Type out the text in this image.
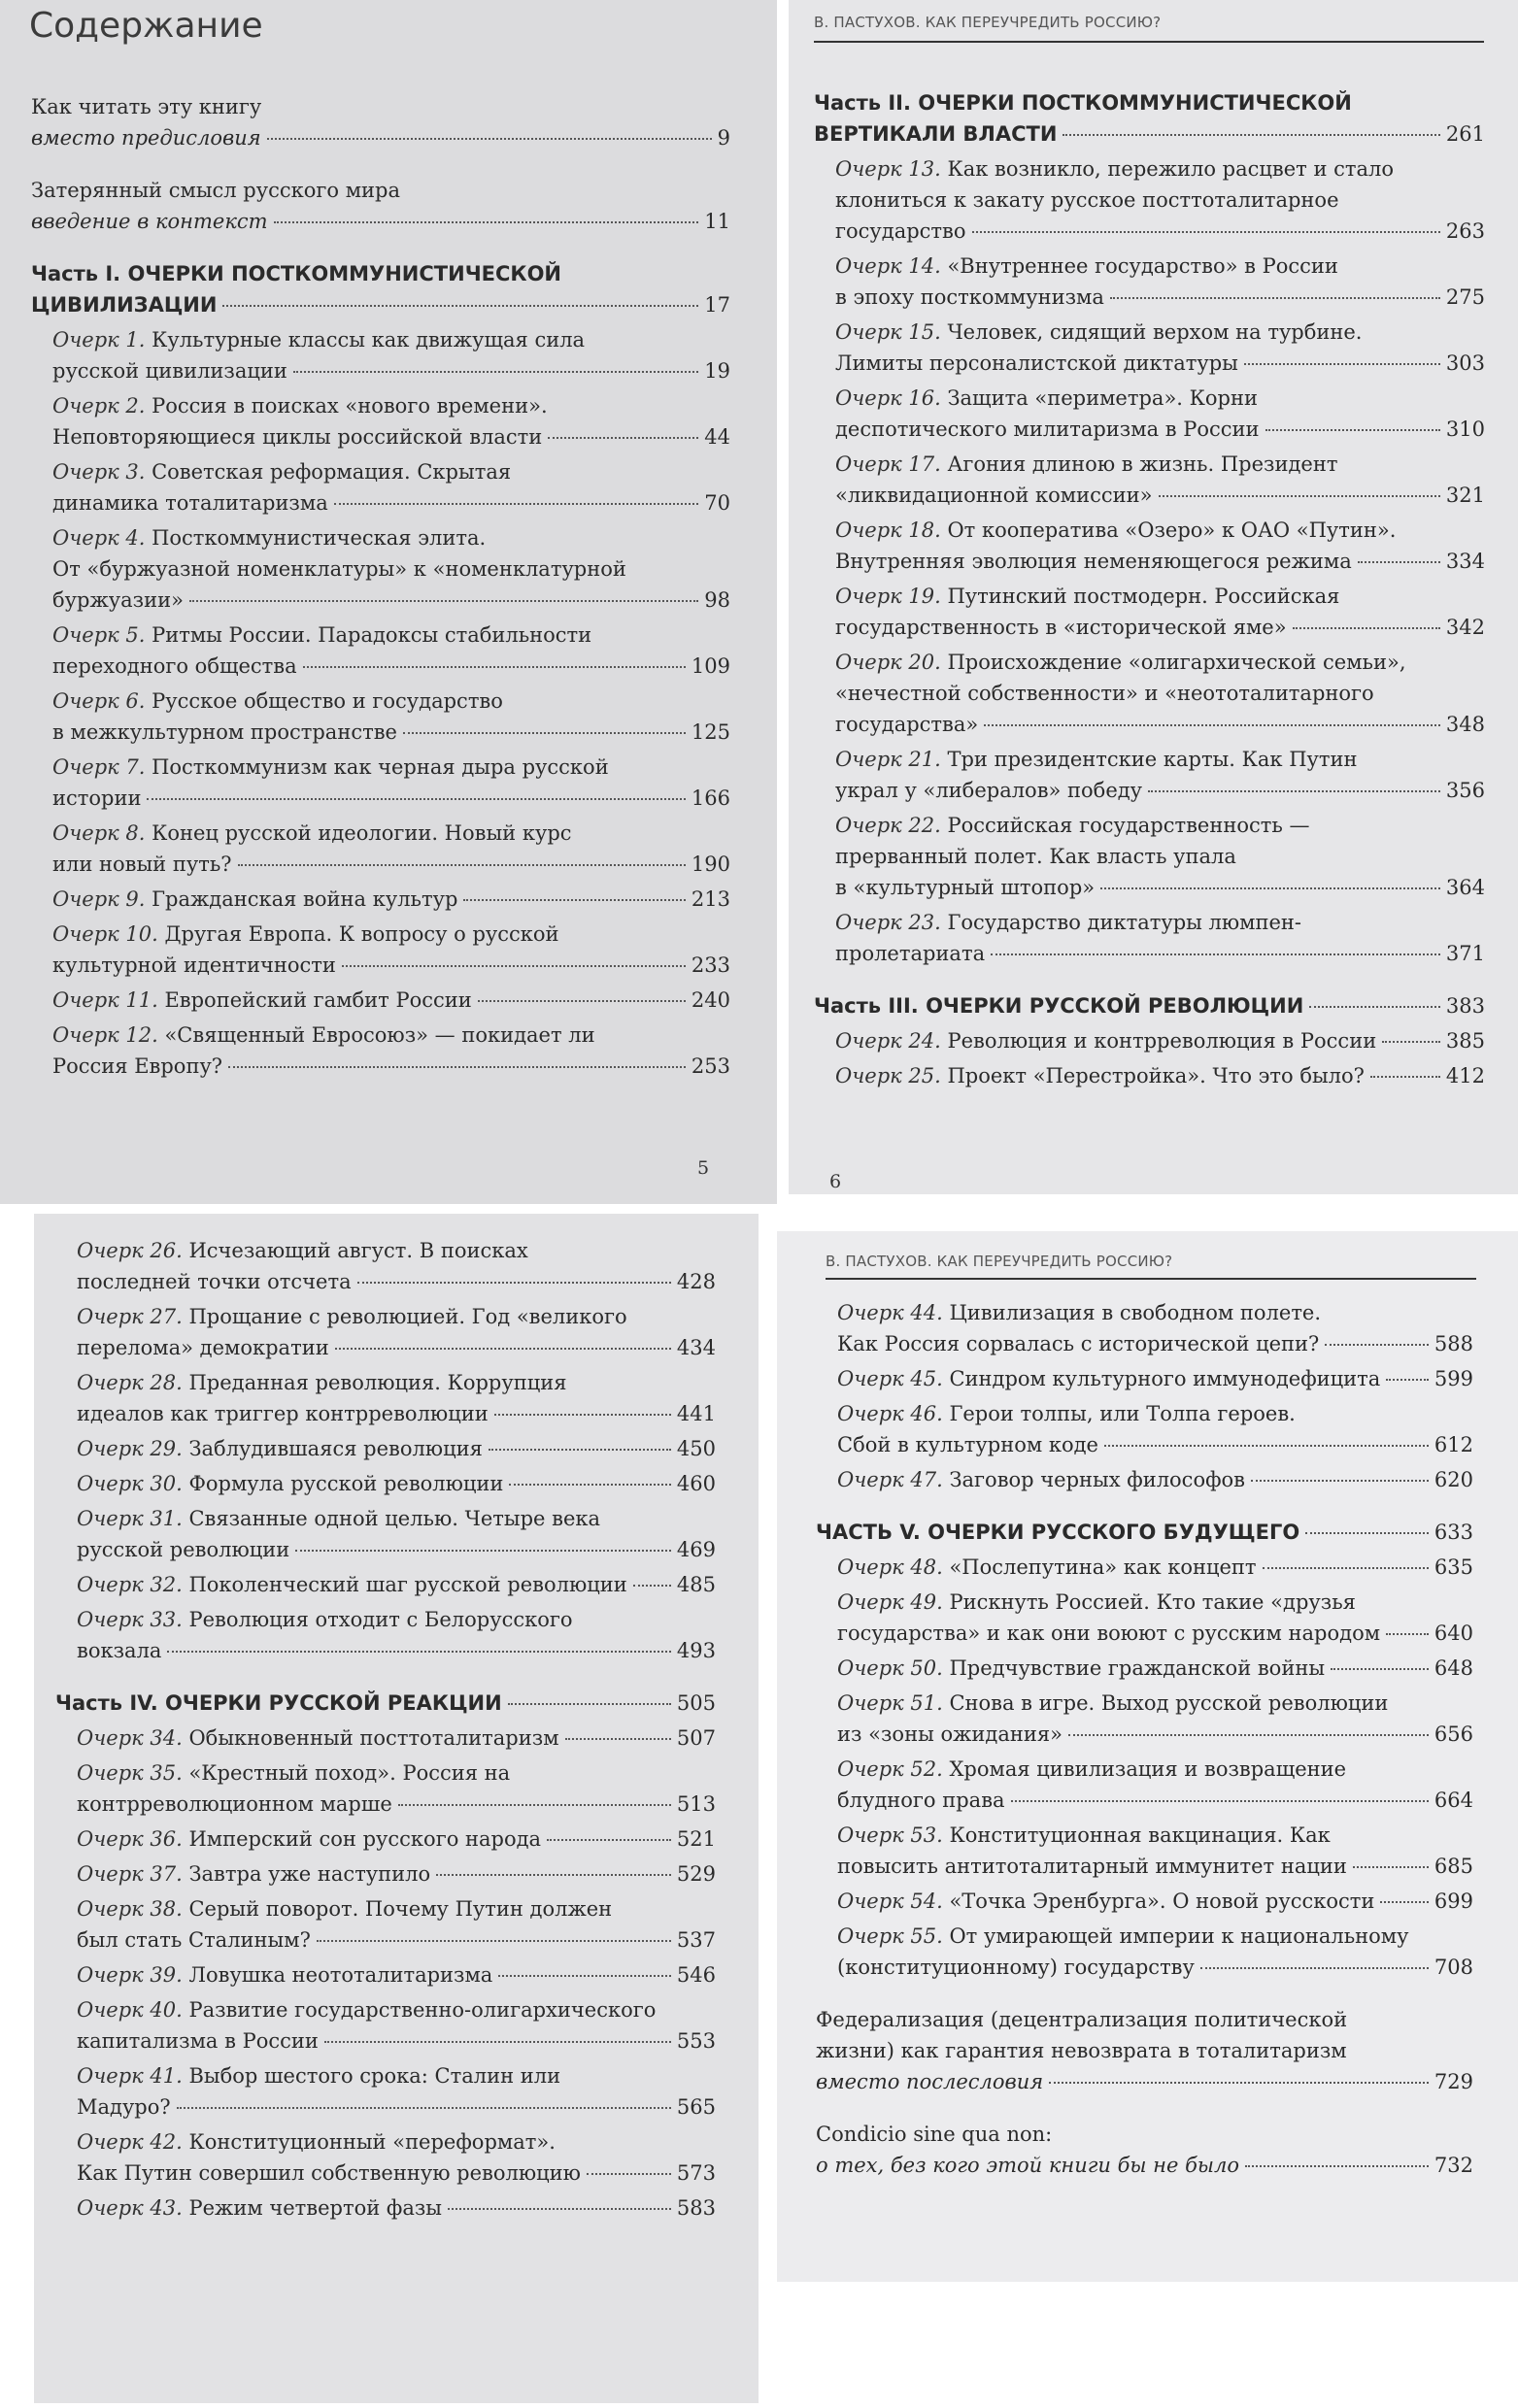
Содержание
Как читать эту книгу
вместо предисловия	9
Затерянный смысл русского мира
введение в контекст	11
Часть I. ОЧЕРКИ ПОСТКОММУНИСТИЧЕСКОЙ
ЦИВИЛИЗАЦИИ	17
Очерк 1. Культурные классы как движущая сила
русской цивилизации	19
Очерк 2. Россия в поисках «нового времени».
Неповторяющиеся циклы российской власти	44
Очерк 3. Советская реформация. Скрытая
динамика тоталитаризма	70
Очерк 4. Посткоммунистическая элита.
От «буржуазной номенклатуры» к «номенклатурной
буржуазии»	98
Очерк 5. Ритмы России. Парадоксы стабильности
переходного общества	109
Очерк 6. Русское общество и государство
в межкультурном пространстве	125
Очерк 7. Посткоммунизм как черная дыра русской
истории	166
Очерк 8. Конец русской идеологии. Новый курс
или новый путь?	190
Очерк 9. Гражданская война культур	213
Очерк 10. Другая Европа. К вопросу о русской
культурной идентичности	233
Очерк 11. Европейский гамбит России	240
Очерк 12. «Священный Евросоюз» — покидает ли
Россия Европу?	253
5
В. ПАСТУХОВ. КАК ПЕРЕУЧРЕДИТЬ РОССИЮ?
Часть II. ОЧЕРКИ ПОСТКОММУНИСТИЧЕСКОЙ
ВЕРТИКАЛИ ВЛАСТИ	261
Очерк 13. Как возникло, пережило расцвет и стало
клониться к закату русское посттоталитарное
государство	263
Очерк 14. «Внутреннее государство» в России
в эпоху посткоммунизма	275
Очерк 15. Человек, сидящий верхом на турбине.
Лимиты персоналистской диктатуры	303
Очерк 16. Защита «периметра». Корни
деспотического милитаризма в России	310
Очерк 17. Агония длиною в жизнь. Президент
«ликвидационной комиссии»	321
Очерк 18. От кооператива «Озеро» к ОАО «Путин».
Внутренняя эволюция неменяющегося режима	334
Очерк 19. Путинский постмодерн. Российская
государственность в «исторической яме»	342
Очерк 20. Происхождение «олигархической семьи»,
«нечестной собственности» и «неототалитарного
государства»	348
Очерк 21. Три президентские карты. Как Путин
украл у «либералов» победу	356
Очерк 22. Российская государственность —
прерванный полет. Как власть упала
в «культурный штопор»	364
Очерк 23. Государство диктатуры люмпен-
пролетариата	371
Часть III. ОЧЕРКИ РУССКОЙ РЕВОЛЮЦИИ	383
Очерк 24. Революция и контрреволюция в России	385
Очерк 25. Проект «Перестройка». Что это было?	412
6
Очерк 26. Исчезающий август. В поисках
последней точки отсчета	428
Очерк 27. Прощание с революцией. Год «великого
перелома» демократии	434
Очерк 28. Преданная революция. Коррупция
идеалов как триггер контрреволюции	441
Очерк 29. Заблудившаяся революция	450
Очерк 30. Формула русской революции	460
Очерк 31. Связанные одной целью. Четыре века
русской революции	469
Очерк 32. Поколенческий шаг русской революции 485
Очерк 33. Революция отходит с Белорусского
вокзала	493
Часть IV. ОЧЕРКИ РУССКОЙ РЕАКЦИИ	505
Очерк 34. Обыкновенный посттоталитаризм	507
Очерк 35. «Крестный поход». Россия на
контрреволюционном марше	513
Очерк 36. Имперский сон русского народа	521
Очерк 37. Завтра уже наступило	529
Очерк 38. Серый поворот. Почему Путин должен
был стать Сталиным?	537
Очерк 39. Ловушка неототалитаризма	546
Очерк 40. Развитие государственно-олигархического
капитализма в России	553
Очерк 41. Выбор шестого срока: Сталин или
Мадуро?	565
Очерк 42. Конституционный «переформат».
Как Путин совершил собственную революцию	573
Очерк 43. Режим четвертой фазы	583
В. ПАСТУХОВ. КАК ПЕРЕУЧРЕДИТЬ РОССИЮ?
Очерк 44. Цивилизация в свободном полете.
Как Россия сорвалась с исторической цепи?	588
Очерк 45. Синдром культурного иммунодефицита	599
Очерк 46. Герои толпы, или Толпа героев.
Сбой в культурном коде	612
Очерк 47. Заговор черных философов	620
ЧАСТЬ V. ОЧЕРКИ РУССКОГО БУДУЩЕГО	633
Очерк 48. «Послепутина» как концепт	635
Очерк 49. Рискнуть Россией. Кто такие «друзья
государства» и как они воюют с русским народом	640
Очерк 50. Предчувствие гражданской войны	648
Очерк 51. Снова в игре. Выход русской революции
из «зоны ожидания»	656
Очерк 52. Хромая цивилизация и возвращение
блудного права	664
Очерк 53. Конституционная вакцинация. Как
повысить антитоталитарный иммунитет нации	685
Очерк 54. «Точка Эренбурга». О новой русскости	699
Очерк 55. От умирающей империи к национальному
(конституционному) государству	708
Федерализация (децентрализация политической
жизни) как гарантия невозврата в тоталитаризм
вместо послесловия	729
Condicio sine qua non:
о тех, без кого этой книги бы не было	732
